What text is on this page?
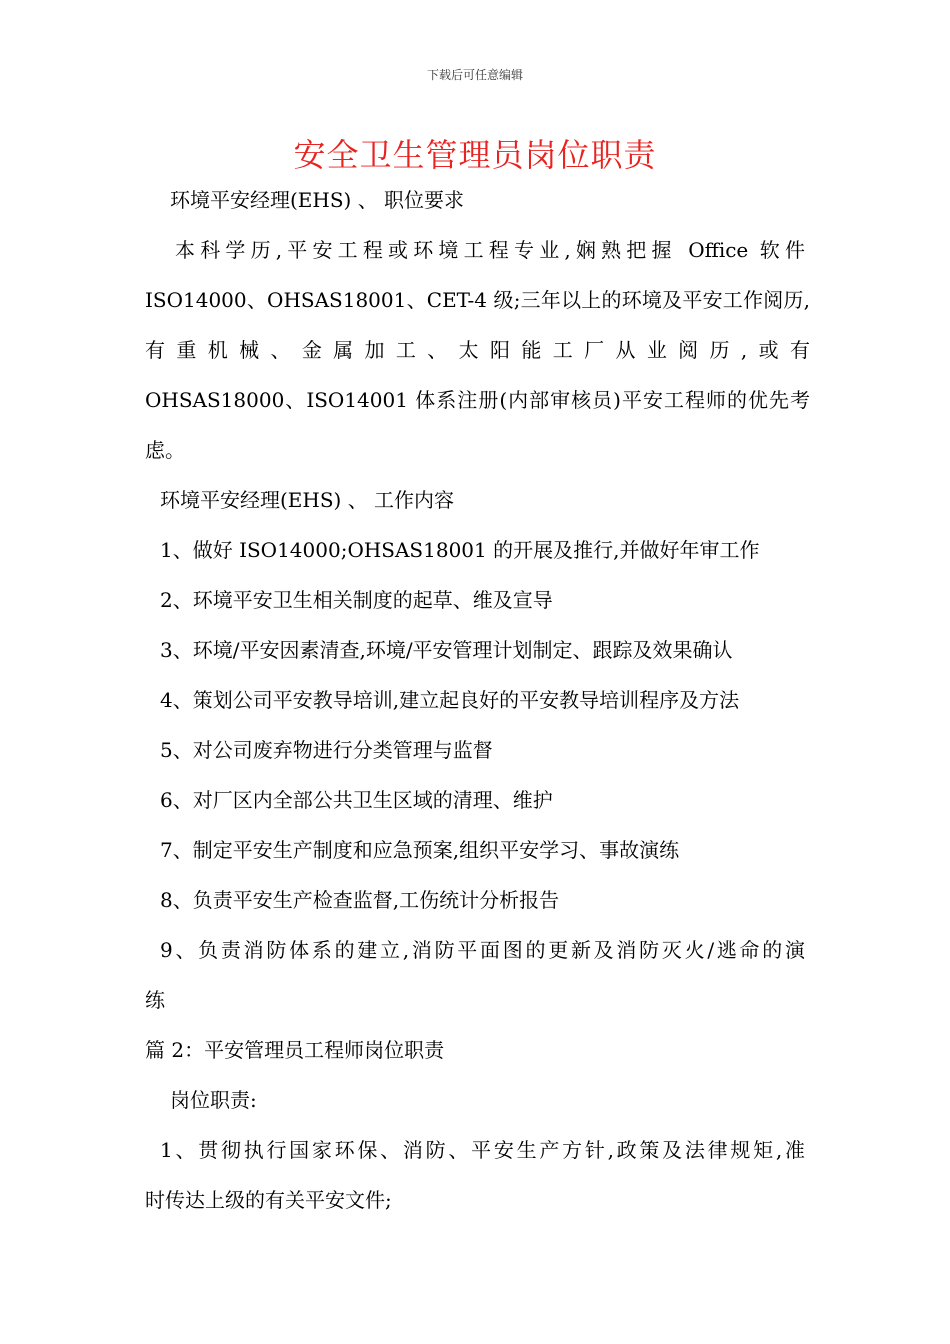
下载后可任意编辑
安全卫生管理员岗位职责
环境平安经理(EHS) 、 职位要求
本科学历,平安工程或环境工程专业,娴熟把握 Office 软件
ISO14000、OHSAS18001、CET-4 级;三年以上的环境及平安工作阅历,
有重机械、金属加工、太阳能工厂从业阅历,或有
OHSAS18000、ISO14001 体系注册(内部审核员)平安工程师的优先考
虑。
环境平安经理(EHS) 、 工作内容
1、做好 ISO14000;OHSAS18001 的开展及推行,并做好年审工作
2、环境平安卫生相关制度的起草、维及宣导
3、环境/平安因素清查,环境/平安管理计划制定、跟踪及效果确认
4、策划公司平安教导培训,建立起良好的平安教导培训程序及方法
5、对公司废弃物进行分类管理与监督
6、对厂区内全部公共卫生区域的清理、维护
7、制定平安生产制度和应急预案,组织平安学习、事故演练
8、负责平安生产检查监督,工伤统计分析报告
9、负责消防体系的建立,消防平面图的更新及消防灭火/逃命的演
练
篇 2：平安管理员工程师岗位职责
岗位职责:
1、贯彻执行国家环保、消防、平安生产方针,政策及法律规矩,准
时传达上级的有关平安文件;
